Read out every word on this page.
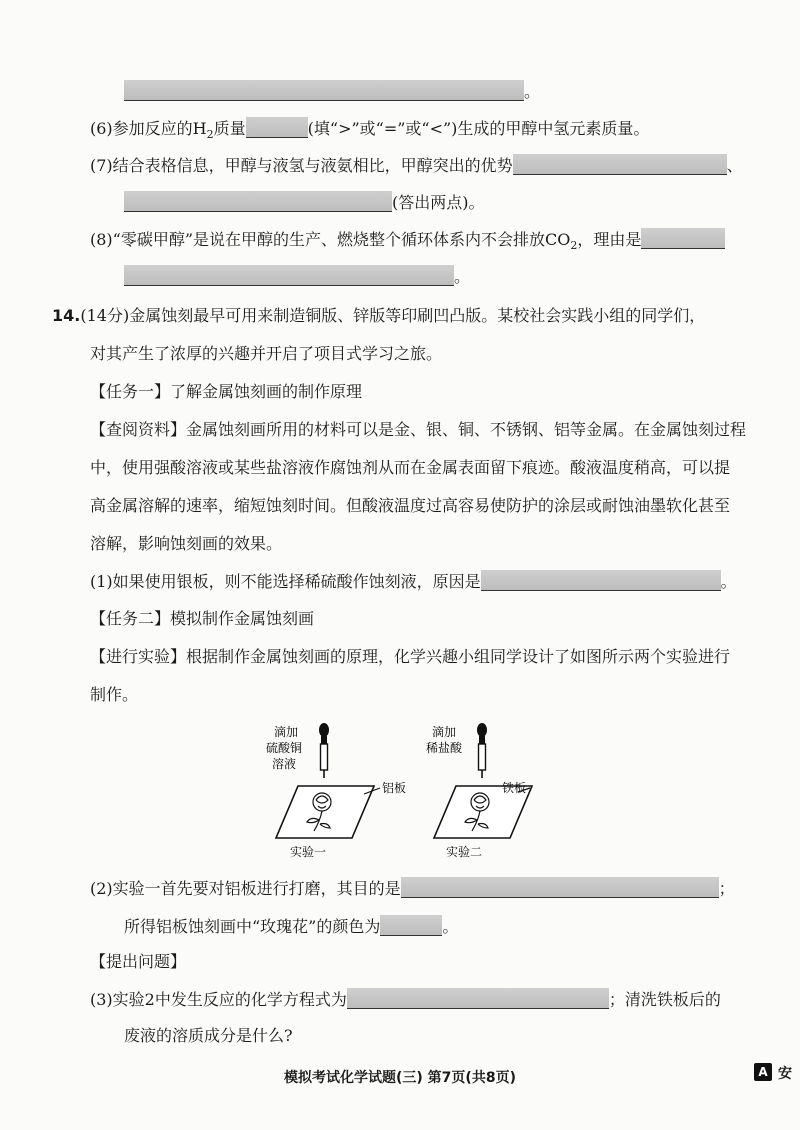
。
(6)参加反应的$H_2$质量	(填“>”或“=”或“<”)生成的甲醇中氢元素质量。
(7)结合表格信息，甲醇与液氢与液氨相比，甲醇突出的优势	、
(答出两点)。
(8)“零碳甲醇”是说在甲醇的生产、燃烧整个循环体系内不会排放$CO_2$，理由是
。
14.(14分)金属蚀刻最早可用来制造铜版、锌版等印刷凹凸版。某校社会实践小组的同学们，
对其产生了浓厚的兴趣并开启了项目式学习之旅。
【任务一】了解金属蚀刻画的制作原理
【查阅资料】金属蚀刻画所用的材料可以是金、银、铜、不锈钢、铝等金属。在金属蚀刻过程
中，使用强酸溶液或某些盐溶液作腐蚀剂从而在金属表面留下痕迹。酸液温度稍高，可以提
高金属溶解的速率，缩短蚀刻时间。但酸液温度过高容易使防护的涂层或耐蚀油墨软化甚至
溶解，影响蚀刻画的效果。
(1)如果使用银板，则不能选择稀硫酸作蚀刻液，原因是	。
【任务二】模拟制作金属蚀刻画
【进行实验】根据制作金属蚀刻画的原理，化学兴趣小组同学设计了如图所示两个实验进行
制作。
滴加
硫酸铜
溶液
铝板
实验一
滴加
稀盐酸
铁板
实验二
(2)实验一首先要对铝板进行打磨，其目的是	；
所得铝板蚀刻画中“玫瑰花”的颜色为	。
【提出问题】
(3)实验2中发生反应的化学方程式为	；清洗铁板后的
废液的溶质成分是什么?
模拟考试化学试题(三) 第7页(共8页)	A 安
